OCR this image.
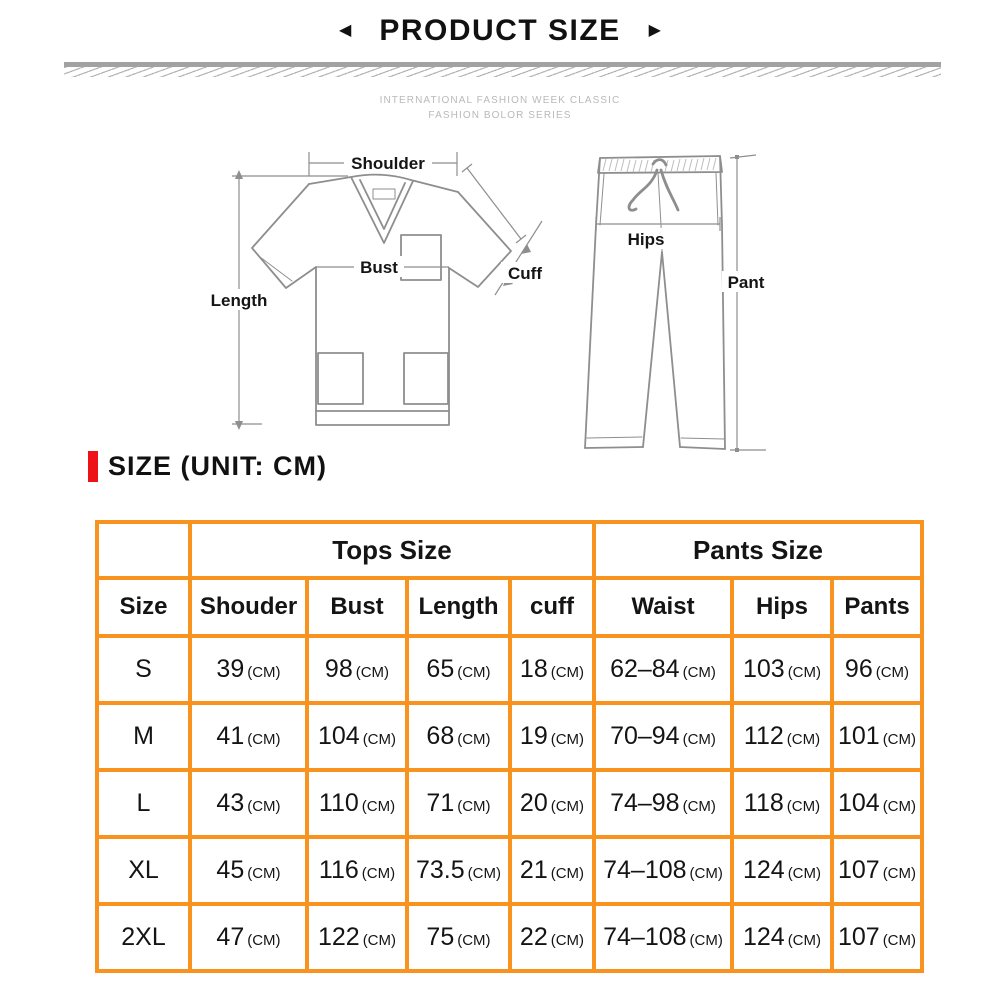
◀ PRODUCT SIZE ▶
INTERNATIONAL FASHION WEEK CLASSIC
FASHION BOLOR SERIES
Shoulder
Bust
Length
Cuff
Hips
Pant
SIZE (UNIT: CM)
	Tops Size				Pants Size		
Size	Shouder	Bust	Length	cuff	Waist	Hips	Pants
S	39 (CM)	98 (CM)	65 (CM)	18 (CM)	62–84 (CM)	103 (CM)	96 (CM)
M	41 (CM)	104 (CM)	68 (CM)	19 (CM)	70–94 (CM)	112 (CM)	101 (CM)
L	43 (CM)	110 (CM)	71 (CM)	20 (CM)	74–98 (CM)	118 (CM)	104 (CM)
XL	45 (CM)	116 (CM)	73.5 (CM)	21 (CM)	74–108 (CM)	124 (CM)	107 (CM)
2XL	47 (CM)	122 (CM)	75 (CM)	22 (CM)	74–108 (CM)	124 (CM)	107 (CM)
